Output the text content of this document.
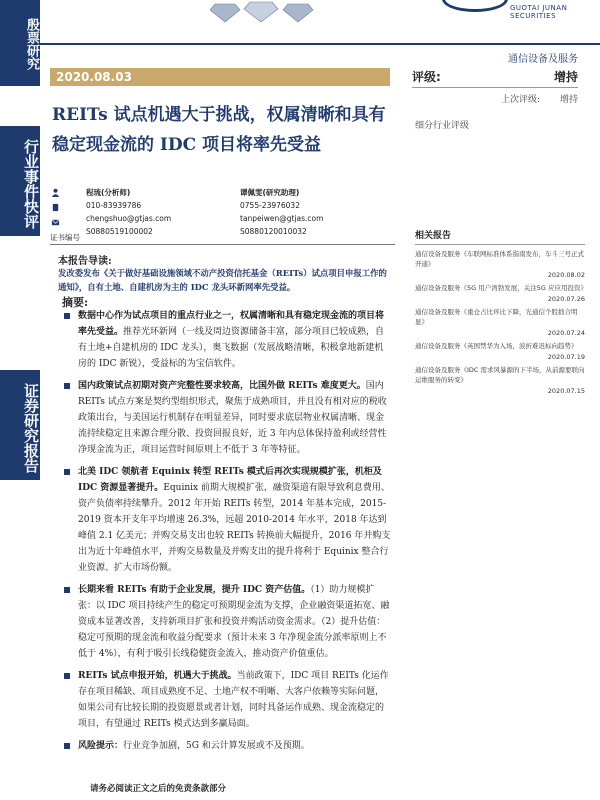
殷票研究
行业事件快评
证券研究报告
GUOTAI JUNAN SECURITIES
通信设备及服务
2020.08.03
REITs 试点机遇大于挑战，权属清晰和具有稳定现金流的 IDC 项目将率先受益
评级:	增持
上次评级: 增持
细分行业评级

程琉(分析师)
010-83939786
chengshuo@gtjas.com
S0880519100002
谭佩雯(研究助理)
0755-23976032
tanpeiwen@gtjas.com
S0880120010032
证书编号	相关报告
通信设备及服务《车联网标准体系指南发布，车斗三号正式开通》
2020.08.02
通信设备及服务《5G 用户湾勃发展，关注5G 应应用投资》
2020.07.26
通信设备及服务《重仓占比环比下降，光通信个股拙合明显》
2020.07.24
通信设备及服务《英国禁华为入场，波折难迟标向趋势》
2020.07.19
通信设备及服务《IDC 需求风暴源的下半场，从前源要联向运维服务的转变》
2020.07.15
本报告导读:
发改委发布《关于做好基础设施领域不动产投资信托基金（REITs）试点项目申报工作的通知》，自有土地、自建机房为主的 IDC 龙头环新网率先受益。
摘要:
数据中心作为试点项目的重点行业之一，权属清晰和具有稳定现金流的项目将率先受益。推荐光环新网（一线及周边资源储备丰富，部分项目已较成熟，自有土地+自建机房的 IDC 龙头），奥飞数据（发展战略清晰，积极拿地新建机房的 IDC 新锐），受益标的为宝信软件。
国内政策试点初期对资产完整性要求较高，比国外做 REITs 难度更大。国内 REITs 试点方案是契约型组织形式，聚焦于成熟项目，并且没有相对应的税收政策出台，与美国运行机制存在明显差异，同时要求底层物业权属清晰、现金流持续稳定且来源合理分散、投资回报良好，近 3 年内总体保持盈利或经营性净现金流为正，项目运营时间原则上不低于 3 年等特征。
北美 IDC 领航者 Equinix 转型 REITs 模式后再次实现规模扩张，机柜及 IDC 资源显著提升。Equinix 前期大规模扩张，融资渠道有限导致利息费用、资产负债率持续攀升。2012 年开始 REITs 转型，2014 年基本完成，2015-2019 资本开支年平均增速 26.3%，远超 2010-2014 年水平，2018 年达到峰值 2.1 亿美元；并购交易支出也较 REITs 转换前大幅提升，2016 年并购支出为近十年峰值水平，并购交易数量及并购支出的提升将利于 Equinix 整合行业资源、扩大市场份额。
长期来看 REITs 有助于企业发展，提升 IDC 资产估值。（1）助力规模扩张：以 IDC 项目持续产生的稳定可预期现金流为支撑，企业融资渠道拓宽、融资成本显著改善，支持新项目扩张和投资并购活动资金需求。（2）提升估值：稳定可预期的现金流和收益分配要求（预计未来 3 年净现金流分派率原则上不低于 4%），有利于吸引长线稳健资金流入，推动资产价值重估。
REITs 试点申报开始，机遇大于挑战。当前政策下，IDC 项目 REITs 化运作存在项目稀缺、项目成熟度不足、土地产权不明晰、大客户依赖等实际问题，如果公司有比较长期的投资愿景或者计划，同时具备运作成熟、现金流稳定的项目，有望通过 REITs 模式达到多赢局面。
风险提示：行业竞争加剧，5G 和云计算发展或不及预期。
请务必阅读正文之后的免责条款部分
